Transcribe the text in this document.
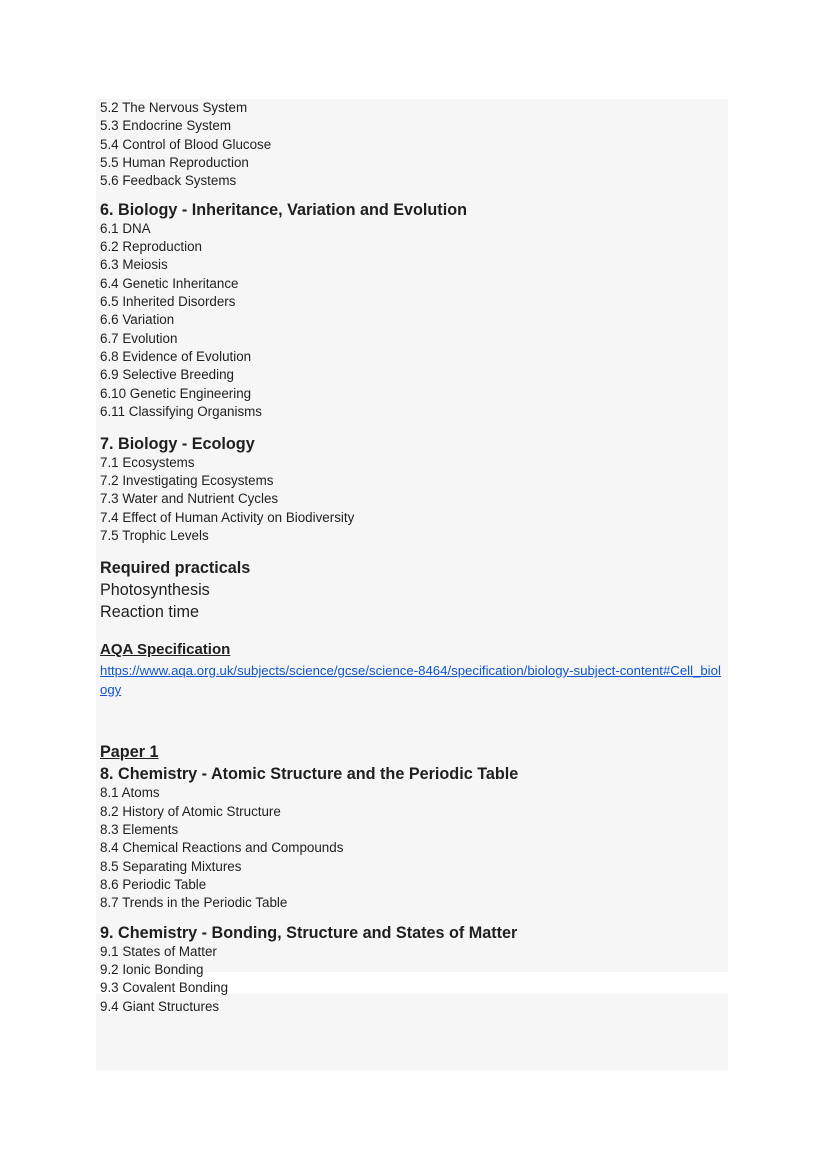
5.2 The Nervous System
5.3 Endocrine System
5.4 Control of Blood Glucose
5.5 Human Reproduction
5.6 Feedback Systems
6. Biology - Inheritance, Variation and Evolution
6.1 DNA
6.2 Reproduction
6.3 Meiosis
6.4 Genetic Inheritance
6.5 Inherited Disorders
6.6 Variation
6.7 Evolution
6.8 Evidence of Evolution
6.9 Selective Breeding
6.10 Genetic Engineering
6.11 Classifying Organisms
7. Biology - Ecology
7.1 Ecosystems
7.2 Investigating Ecosystems
7.3 Water and Nutrient Cycles
7.4 Effect of Human Activity on Biodiversity
7.5 Trophic Levels
Required practicals
Photosynthesis
Reaction time
AQA Specification
https://www.aqa.org.uk/subjects/science/gcse/science-8464/specification/biology-subject-content#Cell_biology
Paper 1
8. Chemistry - Atomic Structure and the Periodic Table
8.1 Atoms
8.2 History of Atomic Structure
8.3 Elements
8.4 Chemical Reactions and Compounds
8.5 Separating Mixtures
8.6 Periodic Table
8.7 Trends in the Periodic Table
9. Chemistry - Bonding, Structure and States of Matter
9.1 States of Matter
9.2 Ionic Bonding
9.3 Covalent Bonding
9.4 Giant Structures
